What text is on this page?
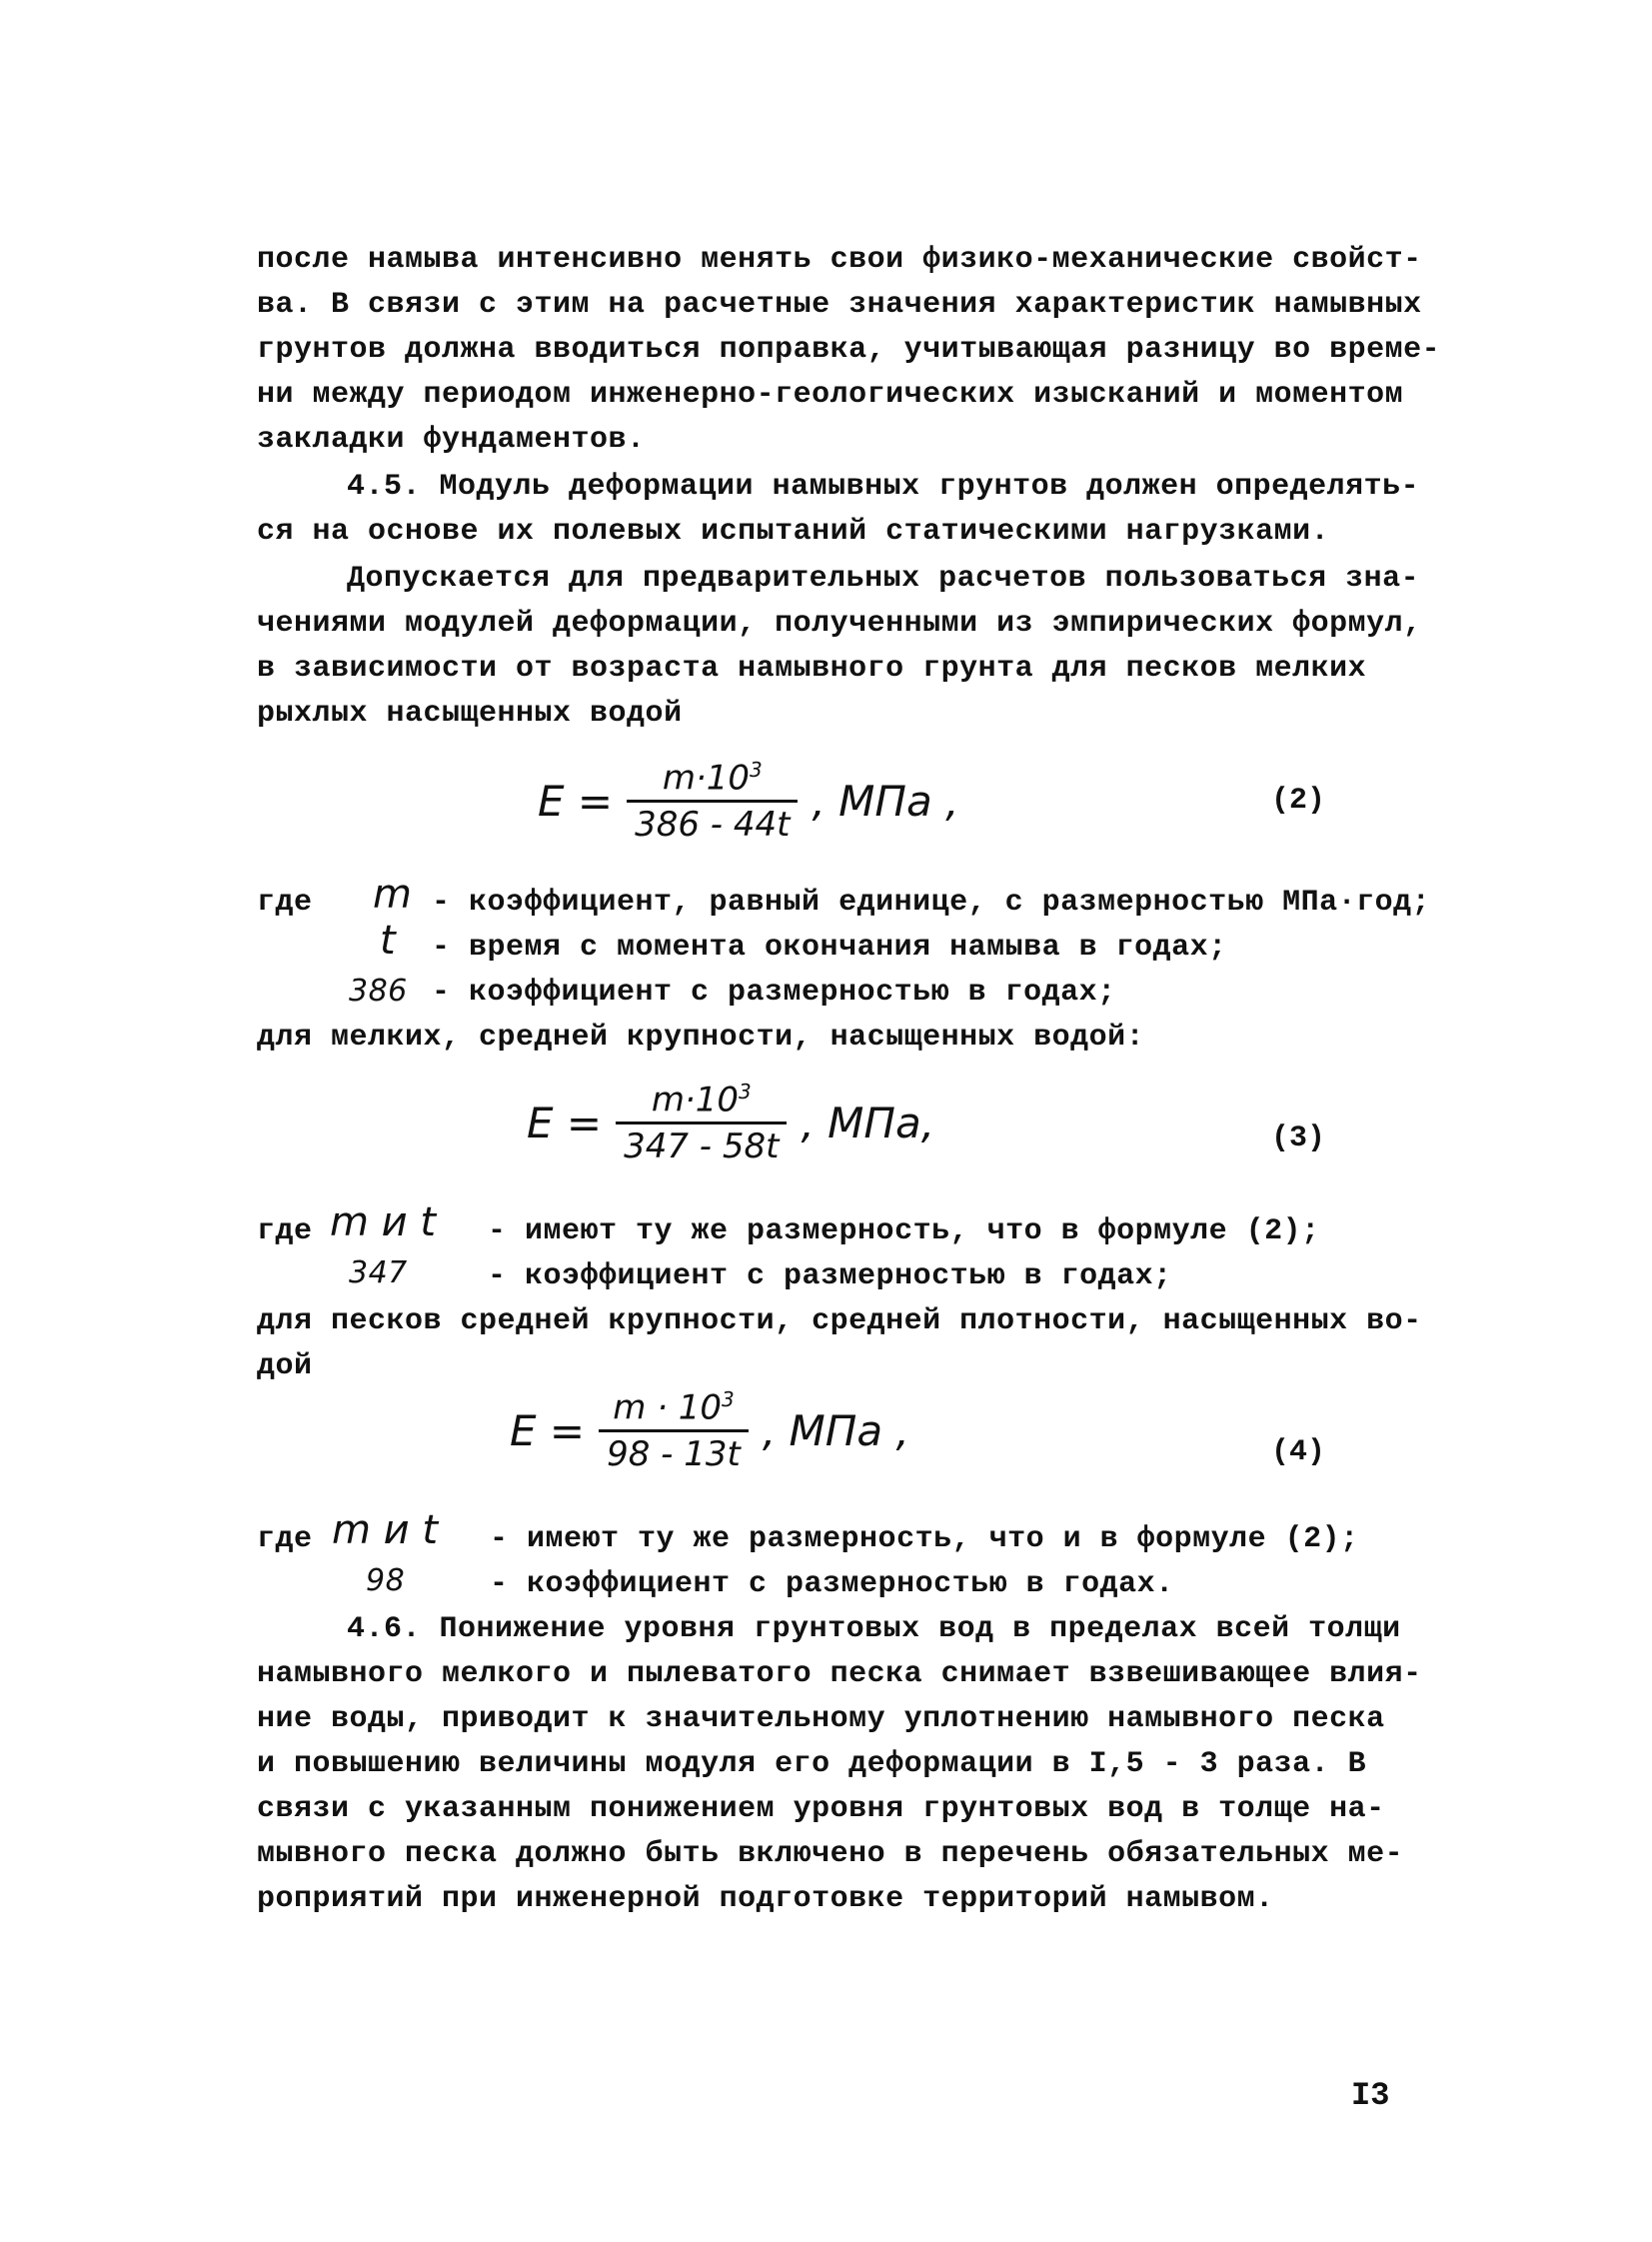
после намыва интенсивно менять свои физико-механические свойст-
ва. В связи с этим на расчетные значения характеристик намывных
грунтов должна вводиться поправка, учитывающая разницу во време-
ни между периодом инженерно-геологических изысканий и моментом
закладки фундаментов.
4.5. Модуль деформации намывных грунтов должен определять-
ся на основе их полевых испытаний статическими нагрузками.
Допускается для предварительных расчетов пользоваться зна-
чениями модулей деформации, полученными из эмпирических формул,
в зависимости от возраста намывного грунта для песков мелких
рыхлых насыщенных водой
$E = \frac{m\cdot 10^3}{386 - 44t}$ , МПа ,	(2)
где m - коэффициент, равный единице, с размерностью МПа·год;
t - время с момента окончания намыва в годах;
386 - коэффициент с размерностью в годах;
для мелких, средней крупности, насыщенных водой:
$E = \frac{m\cdot 10^3}{347 - 58t}$ , МПа,	(3)
где m и t - имеют ту же размерность, что в формуле (2);
347	- коэффициент с размерностью в годах;
для песков средней крупности, средней плотности, насыщенных во-
дой
$E = \frac{m \cdot 10^3}{98 - 13t}$ , МПа ,	(4)
где m и t - имеют ту же размерность, что и в формуле (2);
98	- коэффициент с размерностью в годах.
4.6. Понижение уровня грунтовых вод в пределах всей толщи
намывного мелкого и пылеватого песка снимает взвешивающее влия-
ние воды, приводит к значительному уплотнению намывного песка
и повышению величины модуля его деформации в I,5 - 3 раза. В
связи с указанным понижением уровня грунтовых вод в толще на-
мывного песка должно быть включено в перечень обязательных ме-
роприятий при инженерной подготовке территорий намывом.
I3
